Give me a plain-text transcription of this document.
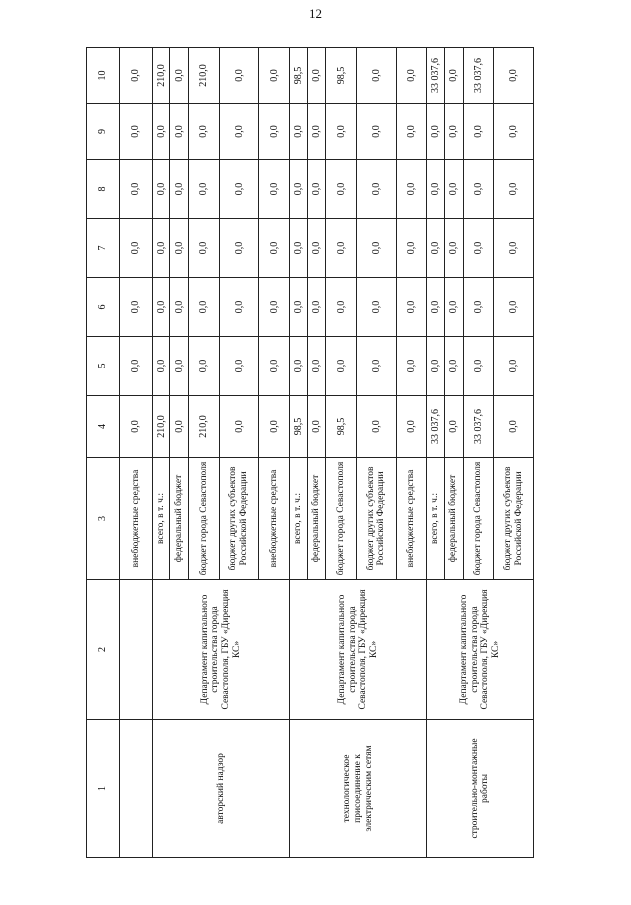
12
1	2	3	4	5	6	7	8	9	10
		внебюджетные средства	0,0	0,0	0,0	0,0	0,0	0,0	0,0
авторский надзор	Департамент капитального строительства города Севастополя, ГБУ «Дирекция КС»	всего, в т. ч.:	210,0	0,0	0,0	0,0	0,0	0,0	210,0
		федеральный бюджет	0,0	0,0	0,0	0,0	0,0	0,0	0,0
		бюджет города Севастополя	210,0	0,0	0,0	0,0	0,0	0,0	210,0
		бюджет других субъектов Российской Федерации	0,0	0,0	0,0	0,0	0,0	0,0	0,0
		внебюджетные средства	0,0	0,0	0,0	0,0	0,0	0,0	0,0
технологическое присоединение к электрическим сетям	Департамент капитального строительства города Севастополя, ГБУ «Дирекция КС»	всего, в т. ч.:	98,5	0,0	0,0	0,0	0,0	0,0	98,5
		федеральный бюджет	0,0	0,0	0,0	0,0	0,0	0,0	0,0
		бюджет города Севастополя	98,5	0,0	0,0	0,0	0,0	0,0	98,5
		бюджет других субъектов Российской Федерации	0,0	0,0	0,0	0,0	0,0	0,0	0,0
		внебюджетные средства	0,0	0,0	0,0	0,0	0,0	0,0	0,0
строительно-монтажные работы	Департамент капитального строительства города Севастополя, ГБУ «Дирекция КС»	всего, в т. ч.:	33 037,6	0,0	0,0	0,0	0,0	0,0	33 037,6
		федеральный бюджет	0,0	0,0	0,0	0,0	0,0	0,0	0,0
		бюджет города Севастополя	33 037,6	0,0	0,0	0,0	0,0	0,0	33 037,6
		бюджет других субъектов Российской Федерации	0,0	0,0	0,0	0,0	0,0	0,0	0,0
